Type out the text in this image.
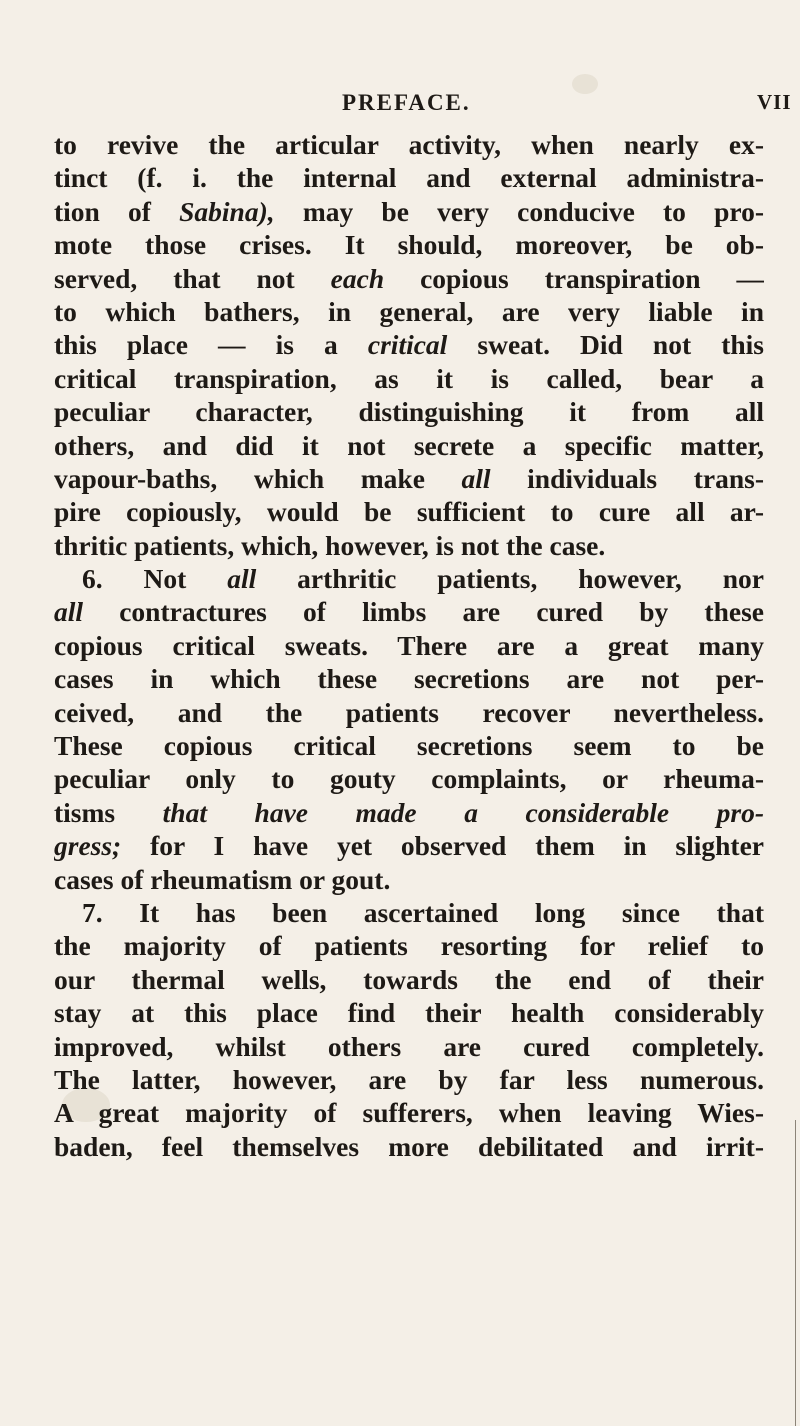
PREFACE.	VII
to revive the articular activity, when nearly ex-
tinct (f. i. the internal and external administra-
tion of Sabina), may be very conducive to pro-
mote those crises. It should, moreover, be ob-
served, that not each copious transpiration —
to which bathers, in general, are very liable in
this place — is a critical sweat. Did not this
critical transpiration, as it is called, bear a
peculiar character, distinguishing it from all
others, and did it not secrete a specific matter,
vapour-baths, which make all individuals trans-
pire copiously, would be sufficient to cure all ar-
thritic patients, which, however, is not the case.
6. Not all arthritic patients, however, nor
all contractures of limbs are cured by these
copious critical sweats. There are a great many
cases in which these secretions are not per-
ceived, and the patients recover nevertheless.
These copious critical secretions seem to be
peculiar only to gouty complaints, or rheuma-
tisms that have made a considerable pro-
gress; for I have yet observed them in slighter
cases of rheumatism or gout.
7. It has been ascertained long since that
the majority of patients resorting for relief to
our thermal wells, towards the end of their
stay at this place find their health considerably
improved, whilst others are cured completely.
The latter, however, are by far less numerous.
A great majority of sufferers, when leaving Wies-
baden, feel themselves more debilitated and irrit-
